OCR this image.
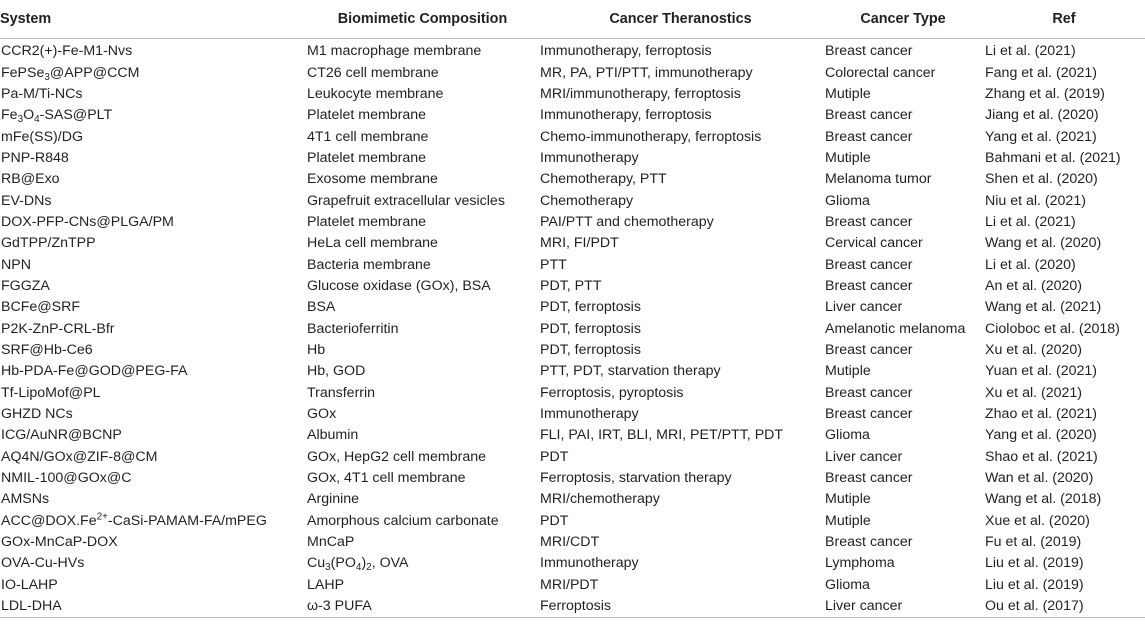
System	Biomimetic Composition	Cancer Theranostics	Cancer Type	Ref
CCR2(+)-Fe-M1-Nvs	M1 macrophage membrane	Immunotherapy, ferroptosis	Breast cancer	Li et al. (2021)
FePSe$_3$@APP@CCM	CT26 cell membrane	MR, PA, PTI/PTT, immunotherapy	Colorectal cancer	Fang et al. (2021)
Pa-M/Ti-NCs	Leukocyte membrane	MRI/immunotherapy, ferroptosis	Mutiple	Zhang et al. (2019)
$Fe_3O_4-SAS@PLT$	Platelet membrane	Immunotherapy, ferroptosis	Breast cancer	Jiang et al. (2020)
mFe(SS)/DG	4T1 cell membrane	Chemo-immunotherapy, ferroptosis	Breast cancer	Yang et al. (2021)
PNP-R848	Platelet membrane	Immunotherapy	Mutiple	Bahmani et al. (2021)
RB@Exo	Exosome membrane	Chemotherapy, PTT	Melanoma tumor	Shen et al. (2020)
EV-DNs	Grapefruit extracellular vesicles	Chemotherapy	Glioma	Niu et al. (2021)
DOX-PFP-CNs@PLGA/PM	Platelet membrane	PAI/PTT and chemotherapy	Breast cancer	Li et al. (2021)
GdTPP/ZnTPP	HeLa cell membrane	MRI, FI/PDT	Cervical cancer	Wang et al. (2020)
NPN	Bacteria membrane	PTT	Breast cancer	Li et al. (2020)
FGGZA	Glucose oxidase (GOx), BSA	PDT, PTT	Breast cancer	An et al. (2020)
BCFe@SRF	BSA	PDT, ferroptosis	Liver cancer	Wang et al. (2021)
P2K-ZnP-CRL-Bfr	Bacterioferritin	PDT, ferroptosis	Amelanotic melanoma	Cioloboc et al. (2018)
SRF@Hb-Ce6	Hb	PDT, ferroptosis	Breast cancer	Xu et al. (2020)
Hb-PDA-Fe@GOD@PEG-FA	Hb, GOD	PTT, PDT, starvation therapy	Mutiple	Yuan et al. (2021)
Tf-LipoMof@PL	Transferrin	Ferroptosis, pyroptosis	Breast cancer	Xu et al. (2021)
GHZD NCs	GOx	Immunotherapy	Breast cancer	Zhao et al. (2021)
ICG/AuNR@BCNP	Albumin	FLI, PAI, IRT, BLI, MRI, PET/PTT, PDT	Glioma	Yang et al. (2020)
AQ4N/GOx@ZIF-8@CM	GOx, HepG2 cell membrane	PDT	Liver cancer	Shao et al. (2021)
NMIL-100@GOx@C	GOx, 4T1 cell membrane	Ferroptosis, starvation therapy	Breast cancer	Wan et al. (2020)
AMSNs	Arginine	MRI/chemotherapy	Mutiple	Wang et al. (2018)
$ACC@DOX.Fe^{2+}-CaSi-PAMAM-FA$/mPEG	Amorphous calcium carbonate	PDT	Mutiple	Xue et al. (2020)
GOx-MnCaP-DOX	MnCaP	MRI/CDT	Breast cancer	Fu et al. (2019)
OVA-Cu-HVs	$Cu_3(PO_4)_2$, OVA	Immunotherapy	Lymphoma	Liu et al. (2019)
IO-LAHP	LAHP	MRI/PDT	Glioma	Liu et al. (2019)
LDL-DHA	ω-3 PUFA	Ferroptosis	Liver cancer	Ou et al. (2017)
